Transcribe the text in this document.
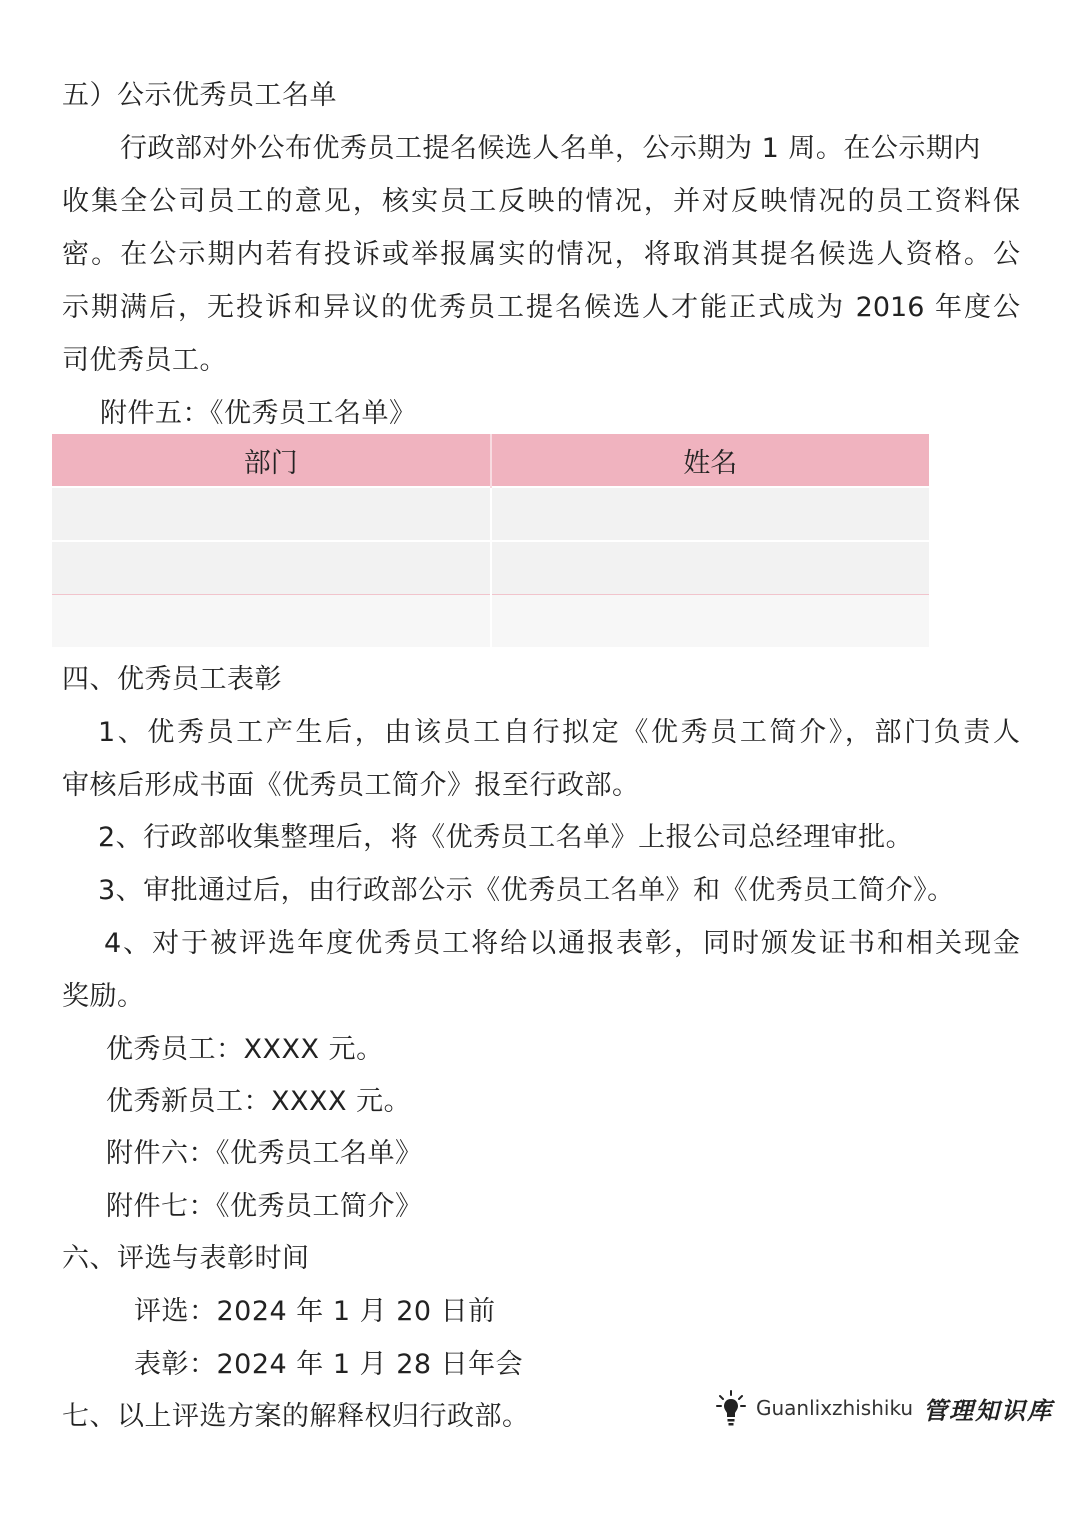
五）公示优秀员工名单
行政部对外公布优秀员工提名候选人名单，公示期为 1 周。在公示期内
收集全公司员工的意见，核实员工反映的情况，并对反映情况的员工资料保
密。在公示期内若有投诉或举报属实的情况，将取消其提名候选人资格。公
示期满后，无投诉和异议的优秀员工提名候选人才能正式成为 2016 年度公
司优秀员工。
附件五：《优秀员工名单》
部门	姓名

四、优秀员工表彰
1、优秀员工产生后，由该员工自行拟定《优秀员工简介》，部门负责人
审核后形成书面《优秀员工简介》报至行政部。
2、行政部收集整理后，将《优秀员工名单》上报公司总经理审批。
3、审批通过后，由行政部公示《优秀员工名单》和《优秀员工简介》。
4、对于被评选年度优秀员工将给以通报表彰，同时颁发证书和相关现金
奖励。
优秀员工：XXXX 元。
优秀新员工：XXXX 元。
附件六：《优秀员工名单》
附件七：《优秀员工简介》
六、评选与表彰时间
评选：2024 年 1 月 20 日前
表彰：2024 年 1 月 28 日年会
七、以上评选方案的解释权归行政部。	Guanlixzhishiku 管理知识库
